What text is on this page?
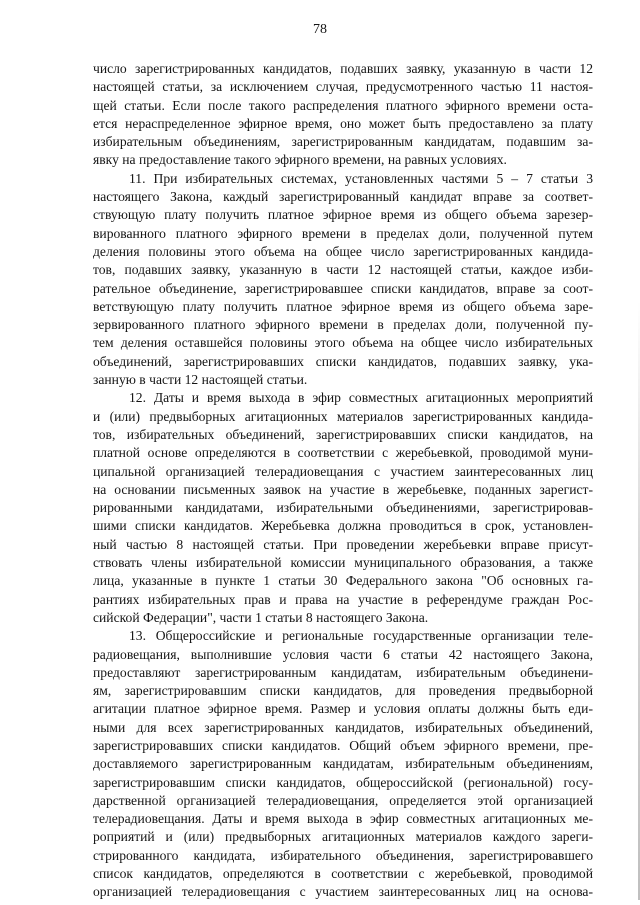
78
число зарегистрированных кандидатов, подавших заявку, указанную в части 12
настоящей статьи, за исключением случая, предусмотренного частью 11 настоя-
щей статьи. Если после такого распределения платного эфирного времени оста-
ется нераспределенное эфирное время, оно может быть предоставлено за плату
избирательным объединениям, зарегистрированным кандидатам, подавшим за-
явку на предоставление такого эфирного времени, на равных условиях.
11. При избирательных системах, установленных частями 5 – 7 статьи 3
настоящего Закона, каждый зарегистрированный кандидат вправе за соответ-
ствующую плату получить платное эфирное время из общего объема зарезер-
вированного платного эфирного времени в пределах доли, полученной путем
деления половины этого объема на общее число зарегистрированных кандида-
тов, подавших заявку, указанную в части 12 настоящей статьи, каждое изби-
рательное объединение, зарегистрировавшее списки кандидатов, вправе за соот-
ветствующую плату получить платное эфирное время из общего объема заре-
зервированного платного эфирного времени в пределах доли, полученной пу-
тем деления оставшейся половины этого объема на общее число избирательных
объединений, зарегистрировавших списки кандидатов, подавших заявку, ука-
занную в части 12 настоящей статьи.
12. Даты и время выхода в эфир совместных агитационных мероприятий
и (или) предвыборных агитационных материалов зарегистрированных кандида-
тов, избирательных объединений, зарегистрировавших списки кандидатов, на
платной основе определяются в соответствии с жеребьевкой, проводимой муни-
ципальной организацией телерадиовещания с участием заинтересованных лиц
на основании письменных заявок на участие в жеребьевке, поданных зарегист-
рированными кандидатами, избирательными объединениями, зарегистрировав-
шими списки кандидатов. Жеребьевка должна проводиться в срок, установлен-
ный частью 8 настоящей статьи. При проведении жеребьевки вправе присут-
ствовать члены избирательной комиссии муниципального образования, а также
лица, указанные в пункте 1 статьи 30 Федерального закона "Об основных га-
рантиях избирательных прав и права на участие в референдуме граждан Рос-
сийской Федерации", части 1 статьи 8 настоящего Закона.
13. Общероссийские и региональные государственные организации теле-
радиовещания, выполнившие условия части 6 статьи 42 настоящего Закона,
предоставляют зарегистрированным кандидатам, избирательным объединени-
ям, зарегистрировавшим списки кандидатов, для проведения предвыборной
агитации платное эфирное время. Размер и условия оплаты должны быть еди-
ными для всех зарегистрированных кандидатов, избирательных объединений,
зарегистрировавших списки кандидатов. Общий объем эфирного времени, пре-
доставляемого зарегистрированным кандидатам, избирательным объединениям,
зарегистрировавшим списки кандидатов, общероссийской (региональной) госу-
дарственной организацией телерадиовещания, определяется этой организацией
телерадиовещания. Даты и время выхода в эфир совместных агитационных ме-
роприятий и (или) предвыборных агитационных материалов каждого зареги-
стрированного кандидата, избирательного объединения, зарегистрировавшего
список кандидатов, определяются в соответствии с жеребьевкой, проводимой
организацией телерадиовещания с участием заинтересованных лиц на основа-
